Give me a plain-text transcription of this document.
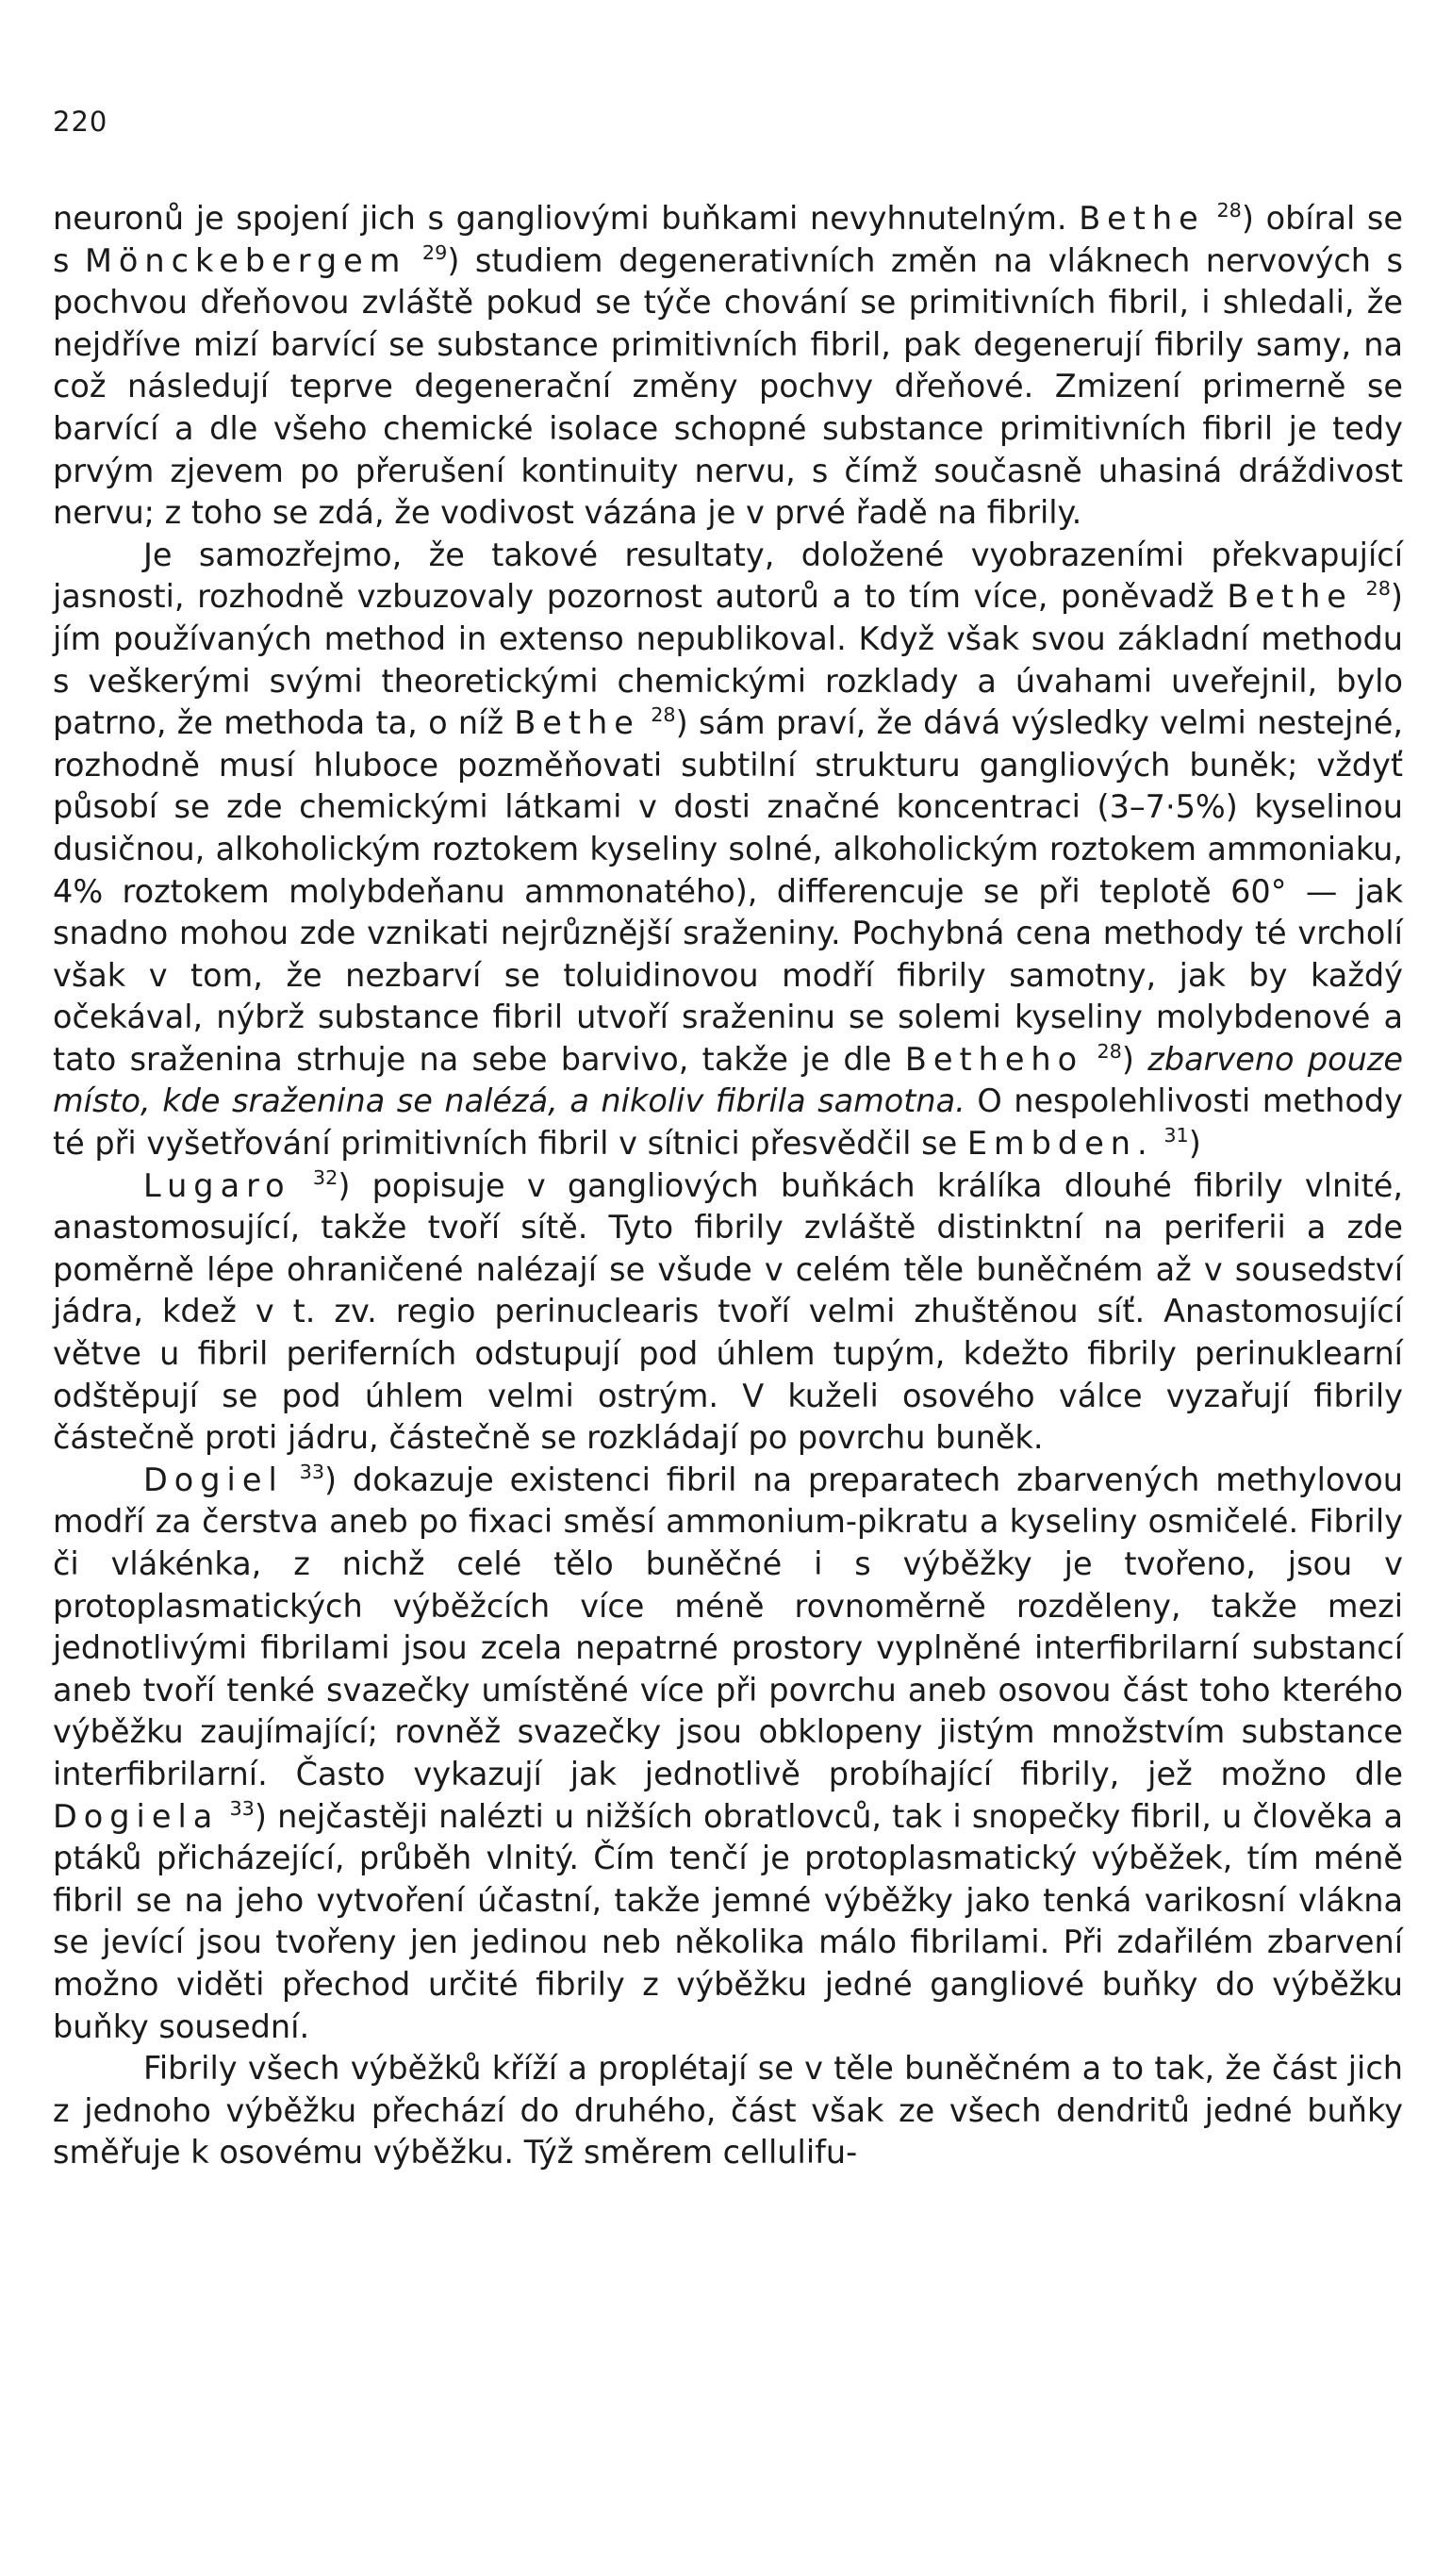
220

neuronů je spojení jich s gangliovými buňkami nevyhnutelným. Bethe $^{28}$) obíral se s Mönckebergem $^{29}$) studiem degenerativních změn na vláknech nervových s pochvou dřeňovou zvláště pokud se týče chování se primitivních fibril, i shledali, že nejdříve mizí barvící se substance primitivních fibril, pak degenerují fibrily samy, na což následují teprve degenerační změny pochvy dřeňové. Zmizení primerně se barvící a dle všeho chemické isolace schopné substance primitivních fibril je tedy prvým zjevem po přerušení kontinuity nervu, s čímž současně uhasiná dráždivost nervu; z toho se zdá, že vodivost vázána je v prvé řadě na fibrily.

Je samozřejmo, že takové resultaty, doložené vyobrazeními překvapující jasnosti, rozhodně vzbuzovaly pozornost autorů a to tím více, poněvadž Bethe $^{28}$) jím používaných method in extenso nepublikoval. Když však svou základní methodu s veškerými svými theoretickými chemickými rozklady a úvahami uveřejnil, bylo patrno, že methoda ta, o níž Bethe $^{28}$) sám praví, že dává výsledky velmi nestejné, rozhodně musí hluboce pozměňovati subtilní strukturu gangliových buněk; vždyť působí se zde chemickými látkami v dosti značné koncentraci (3–7·5%) kyselinou dusičnou, alkoholickým roztokem kyseliny solné, alkoholickým roztokem ammoniaku, 4% roztokem molybdeňanu ammonatého), differencuje se při teplotě 60° — jak snadno mohou zde vznikati nejrůznější sraženiny. Pochybná cena methody té vrcholí však v tom, že nezbarví se toluidinovou modří fibrily samotny, jak by každý očekával, nýbrž substance fibril utvoří sraženinu se solemi kyseliny molybdenové a tato sraženina strhuje na sebe barvivo, takže je dle Betheho $^{28}$) zbarveno pouze místo, kde sraženina se nalézá, a nikoliv fibrila samotna. O nespolehlivosti methody té při vyšetřování primitivních fibril v sítnici přesvědčil se Embden. $^{31}$)

Lugaro $^{32}$) popisuje v gangliových buňkách králíka dlouhé fibrily vlnité, anastomosující, takže tvoří sítě. Tyto fibrily zvláště distinktní na periferii a zde poměrně lépe ohraničené nalézají se všude v celém těle buněčném až v sousedství jádra, kdež v t. zv. regio perinuclearis tvoří velmi zhuštěnou síť. Anastomosující větve u fibril periferních odstupují pod úhlem tupým, kdežto fibrily perinuklearní odštěpují se pod úhlem velmi ostrým. V kuželi osového válce vyzařují fibrily částečně proti jádru, částečně se rozkládají po povrchu buněk.

Dogiel $^{33}$) dokazuje existenci fibril na preparatech zbarvených methylovou modří za čerstva aneb po fixaci směsí ammonium-pikratu a kyseliny osmičelé. Fibrily či vlákénka, z nichž celé tělo buněčné i s výběžky je tvořeno, jsou v protoplasmatických výběžcích více méně rovnoměrně rozděleny, takže mezi jednotlivými fibrilami jsou zcela nepatrné prostory vyplněné interfibrilarní substancí aneb tvoří tenké svazečky umístěné více při povrchu aneb osovou část toho kterého výběžku zaujímající; rovněž svazečky jsou obklopeny jistým množstvím substance interfibrilarní. Často vykazují jak jednotlivě probíhající fibrily, jež možno dle Dogiela $^{33}$) nejčastěji nalézti u nižších obratlovců, tak i snopečky fibril, u člověka a ptáků přicházející, průběh vlnitý. Čím tenčí je protoplasmatický výběžek, tím méně fibril se na jeho vytvoření účastní, takže jemné výběžky jako tenká varikosní vlákna se jevící jsou tvořeny jen jedinou neb několika málo fibrilami. Při zdařilém zbarvení možno viděti přechod určité fibrily z výběžku jedné gangliové buňky do výběžku buňky sousední.

Fibrily všech výběžků kříží a proplétají se v těle buněčném a to tak, že část jich z jednoho výběžku přechází do druhého, část však ze všech dendritů jedné buňky směřuje k osovému výběžku. Týž směrem cellulifu-
